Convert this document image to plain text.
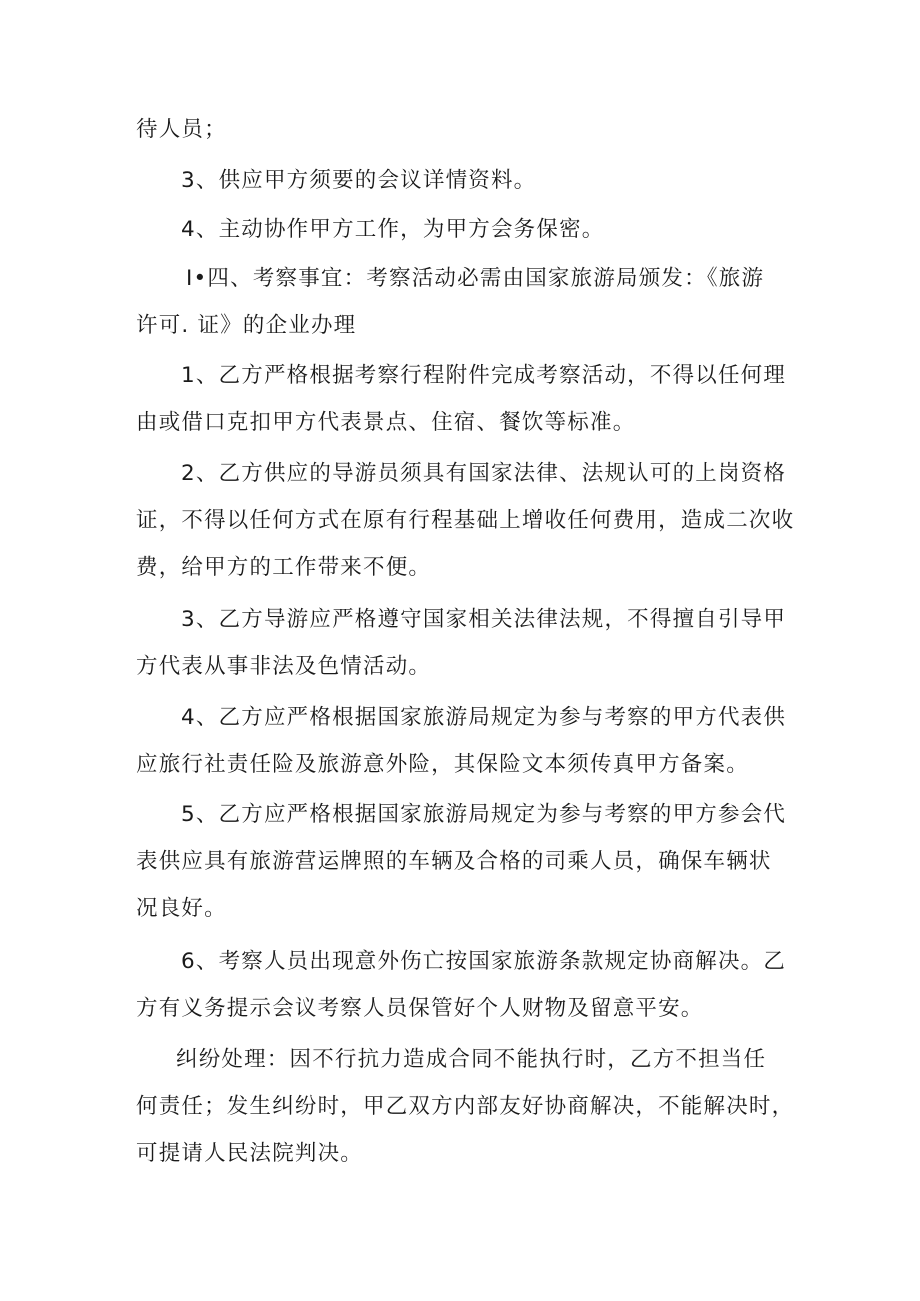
待人员；

3、供应甲方须要的会议详情资料。

4、主动协作甲方工作，为甲方会务保密。

I•四、考察事宜：考察活动必需由国家旅游局颁发：《旅游
许可. 证》的企业办理

1、乙方严格根据考察行程附件完成考察活动，不得以任何理
由或借口克扣甲方代表景点、住宿、餐饮等标准。

2、乙方供应的导游员须具有国家法律、法规认可的上岗资格
证，不得以任何方式在原有行程基础上增收任何费用，造成二次收
费，给甲方的工作带来不便。

3、乙方导游应严格遵守国家相关法律法规，不得擅自引导甲
方代表从事非法及色情活动。

4、乙方应严格根据国家旅游局规定为参与考察的甲方代表供
应旅行社责任险及旅游意外险，其保险文本须传真甲方备案。

5、乙方应严格根据国家旅游局规定为参与考察的甲方参会代
表供应具有旅游营运牌照的车辆及合格的司乘人员，确保车辆状
况良好。

6、考察人员出现意外伤亡按国家旅游条款规定协商解决。乙
方有义务提示会议考察人员保管好个人财物及留意平安。

纠纷处理：因不行抗力造成合同不能执行时，乙方不担当任
何责任；发生纠纷时，甲乙双方内部友好协商解决，不能解决时，
可提请人民法院判决。
